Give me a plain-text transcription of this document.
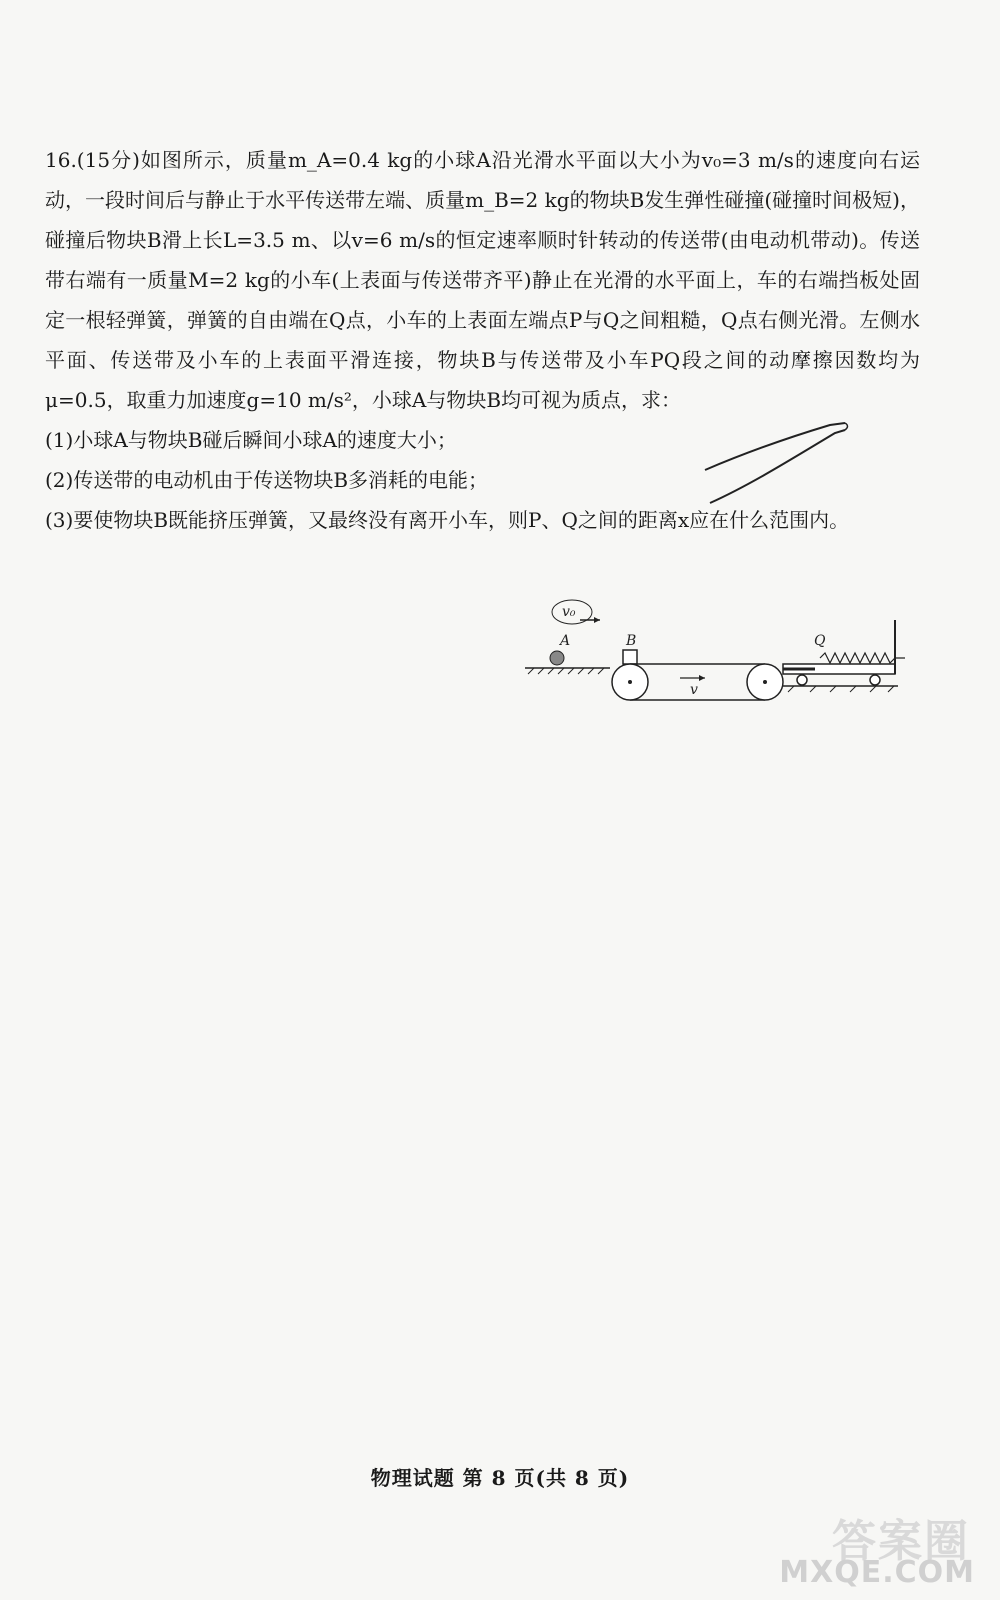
16.(15分)如图所示，质量m_A=0.4 kg的小球A沿光滑水平面以大小为v₀=3 m/s的速度向右运动，一段时间后与静止于水平传送带左端、质量m_B=2 kg的物块B发生弹性碰撞(碰撞时间极短)，碰撞后物块B滑上长L=3.5 m、以v=6 m/s的恒定速率顺时针转动的传送带(由电动机带动)。传送带右端有一质量M=2 kg的小车(上表面与传送带齐平)静止在光滑的水平面上，车的右端挡板处固定一根轻弹簧，弹簧的自由端在Q点，小车的上表面左端点P与Q之间粗糙，Q点右侧光滑。左侧水平面、传送带及小车的上表面平滑连接，物块B与传送带及小车PQ段之间的动摩擦因数均为μ=0.5，取重力加速度g=10 m/s²，小球A与物块B均可视为质点，求：

(1)小球A与物块B碰后瞬间小球A的速度大小；

(2)传送带的电动机由于传送物块B多消耗的电能；

(3)要使物块B既能挤压弹簧，又最终没有离开小车，则P、Q之间的距离x应在什么范围内。

A
v₀
B
v
Q
物理试题 第 8 页(共 8 页)
答案圈
MXQE.COM
